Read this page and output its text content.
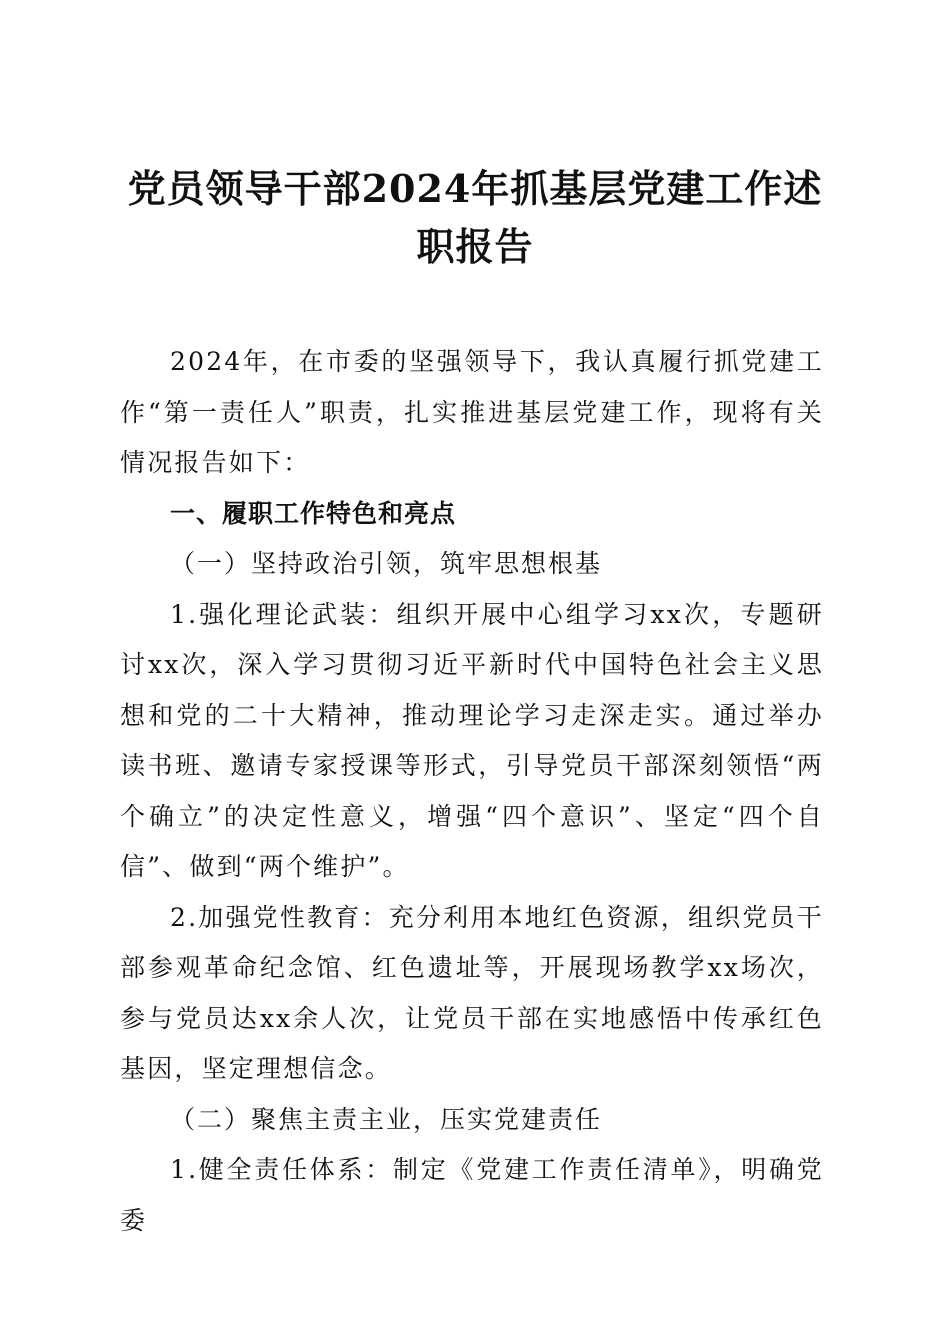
党员领导干部2024年抓基层党建工作述职报告

2024年，在市委的坚强领导下，我认真履行抓党建工作“第一责任人”职责，扎实推进基层党建工作，现将有关情况报告如下：

一、履职工作特色和亮点

（一）坚持政治引领，筑牢思想根基

1.强化理论武装：组织开展中心组学习xx次，专题研讨xx次，深入学习贯彻习近平新时代中国特色社会主义思想和党的二十大精神，推动理论学习走深走实。通过举办读书班、邀请专家授课等形式，引导党员干部深刻领悟“两个确立”的决定性意义，增强“四个意识”、坚定“四个自信”、做到“两个维护”。

2.加强党性教育：充分利用本地红色资源，组织党员干部参观革命纪念馆、红色遗址等，开展现场教学xx场次，参与党员达xx余人次，让党员干部在实地感悟中传承红色基因，坚定理想信念。

（二）聚焦主责主业，压实党建责任

1.健全责任体系：制定《党建工作责任清单》，明确党委
